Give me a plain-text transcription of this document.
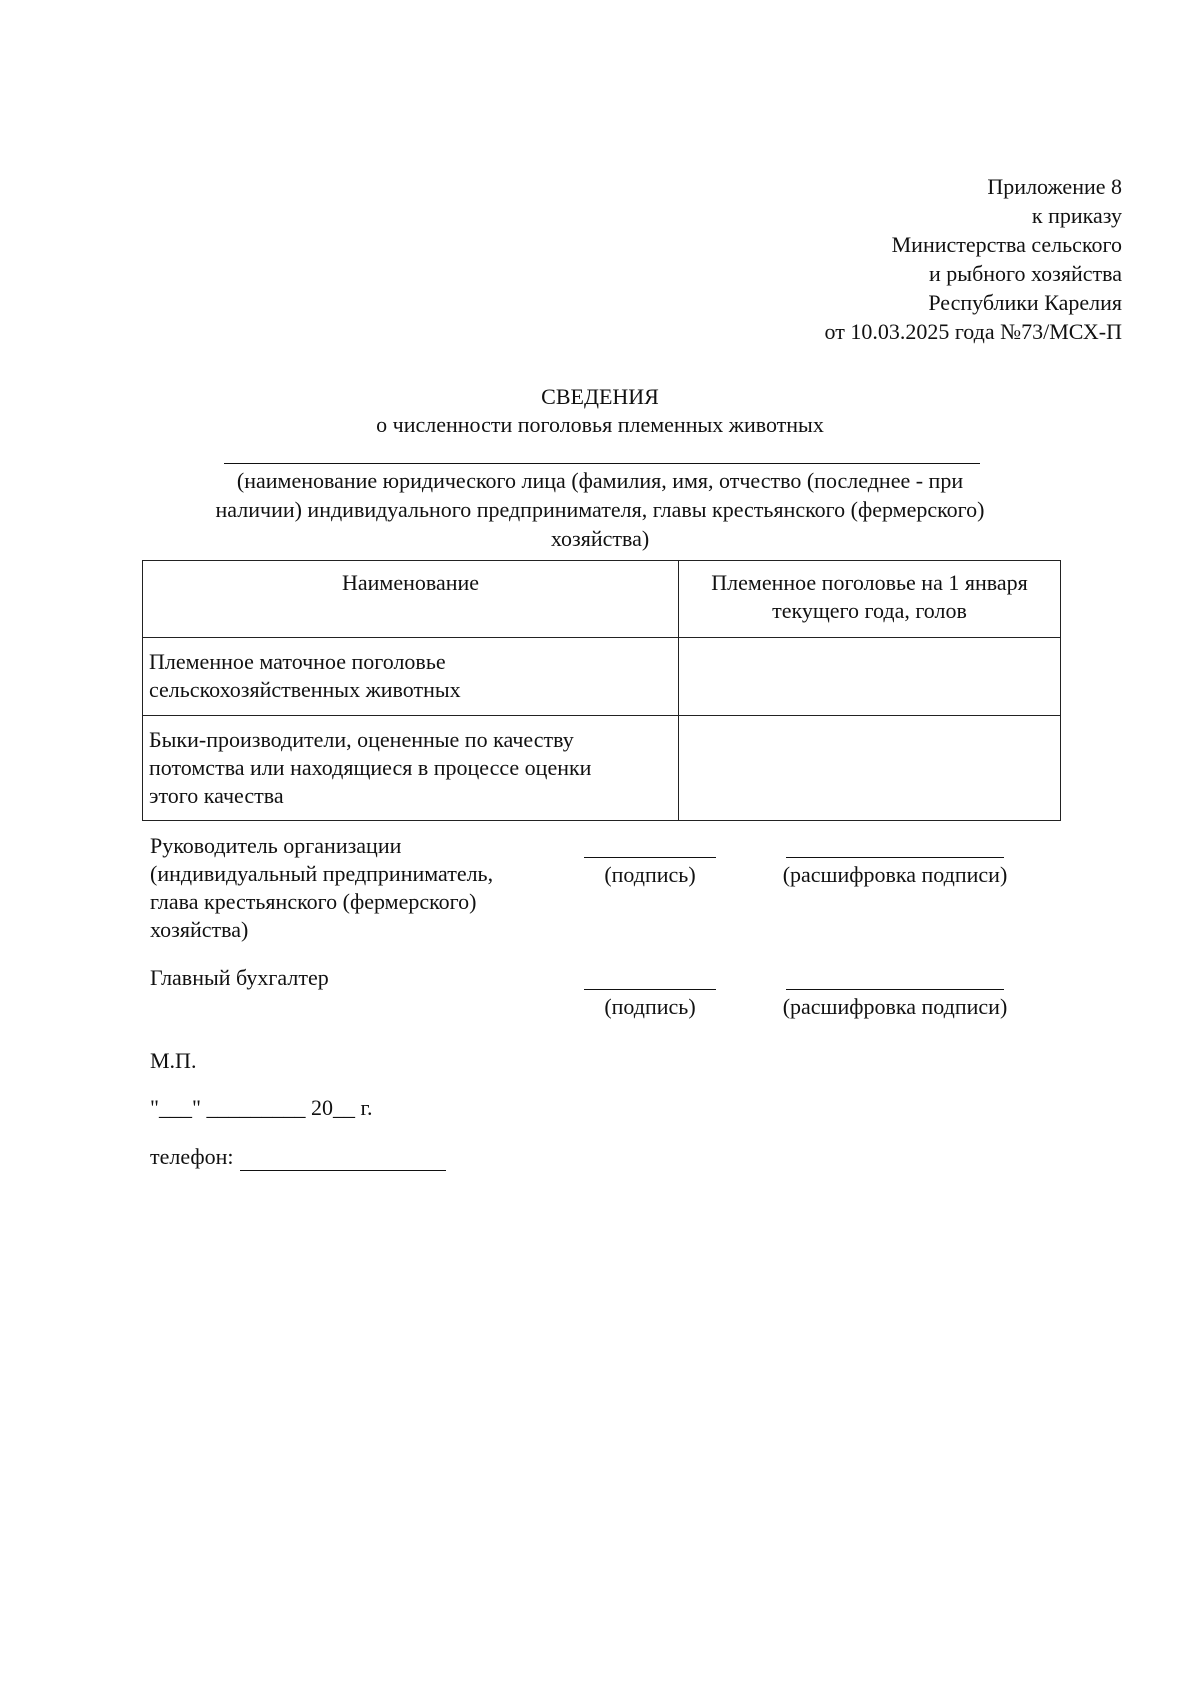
Приложение 8
к приказу
Министерства сельского
и рыбного хозяйства
Республики Карелия
от 10.03.2025 года №73/МСХ-П
СВЕДЕНИЯ
о численности поголовья племенных животных
(наименование юридического лица (фамилия, имя, отчество (последнее - при
наличии) индивидуального предпринимателя, главы крестьянского (фермерского)
хозяйства)
Наименование	Племенное поголовье на 1 января
текущего года, голов

Племенное маточное поголовье
сельскохозяйственных животных	

Быки-производители, оцененные по качеству
потомства или находящиеся в процессе оценки
этого качества	

Руководитель организации
(индивидуальный предприниматель,
глава крестьянского (фермерского)
хозяйства)
(подпись)	(расшифровка подписи)
Главный бухгалтер
(подпись)	(расшифровка подписи)
М.П.
"___" _________ 20__ г.
телефон:
